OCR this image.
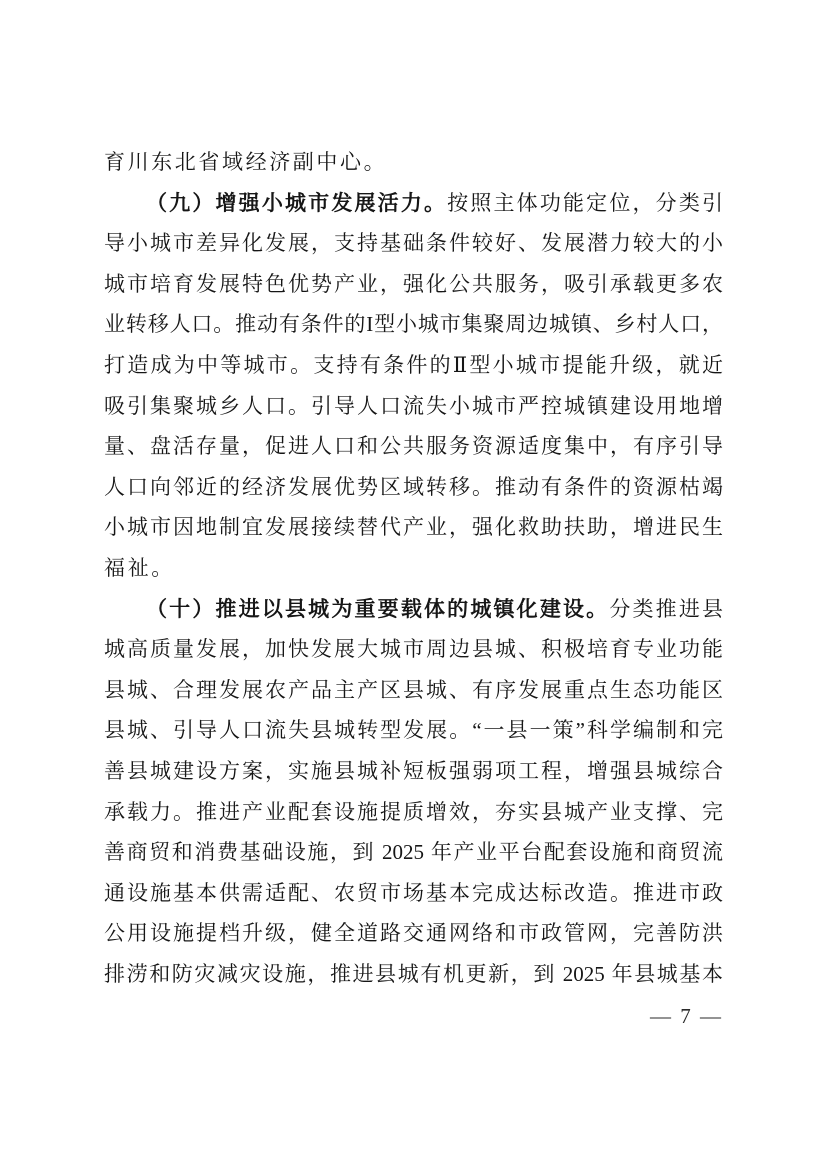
育川东北省域经济副中心。
（九）增强小城市发展活力。按照主体功能定位，分类引
导小城市差异化发展，支持基础条件较好、发展潜力较大的小
城市培育发展特色优势产业，强化公共服务，吸引承载更多农
业转移人口。推动有条件的I型小城市集聚周边城镇、乡村人口，
打造成为中等城市。支持有条件的Ⅱ型小城市提能升级，就近
吸引集聚城乡人口。引导人口流失小城市严控城镇建设用地增
量、盘活存量，促进人口和公共服务资源适度集中，有序引导
人口向邻近的经济发展优势区域转移。推动有条件的资源枯竭
小城市因地制宜发展接续替代产业，强化救助扶助，增进民生
福祉。
（十）推进以县城为重要载体的城镇化建设。分类推进县
城高质量发展，加快发展大城市周边县城、积极培育专业功能
县城、合理发展农产品主产区县城、有序发展重点生态功能区
县城、引导人口流失县城转型发展。“一县一策”科学编制和完
善县城建设方案，实施县城补短板强弱项工程，增强县城综合
承载力。推进产业配套设施提质增效，夯实县城产业支撑、完
善商贸和消费基础设施，到 2025 年产业平台配套设施和商贸流
通设施基本供需适配、农贸市场基本完成达标改造。推进市政
公用设施提档升级，健全道路交通网络和市政管网，完善防洪
排涝和防灾减灾设施，推进县城有机更新，到 2025 年县城基本
— 7 —
